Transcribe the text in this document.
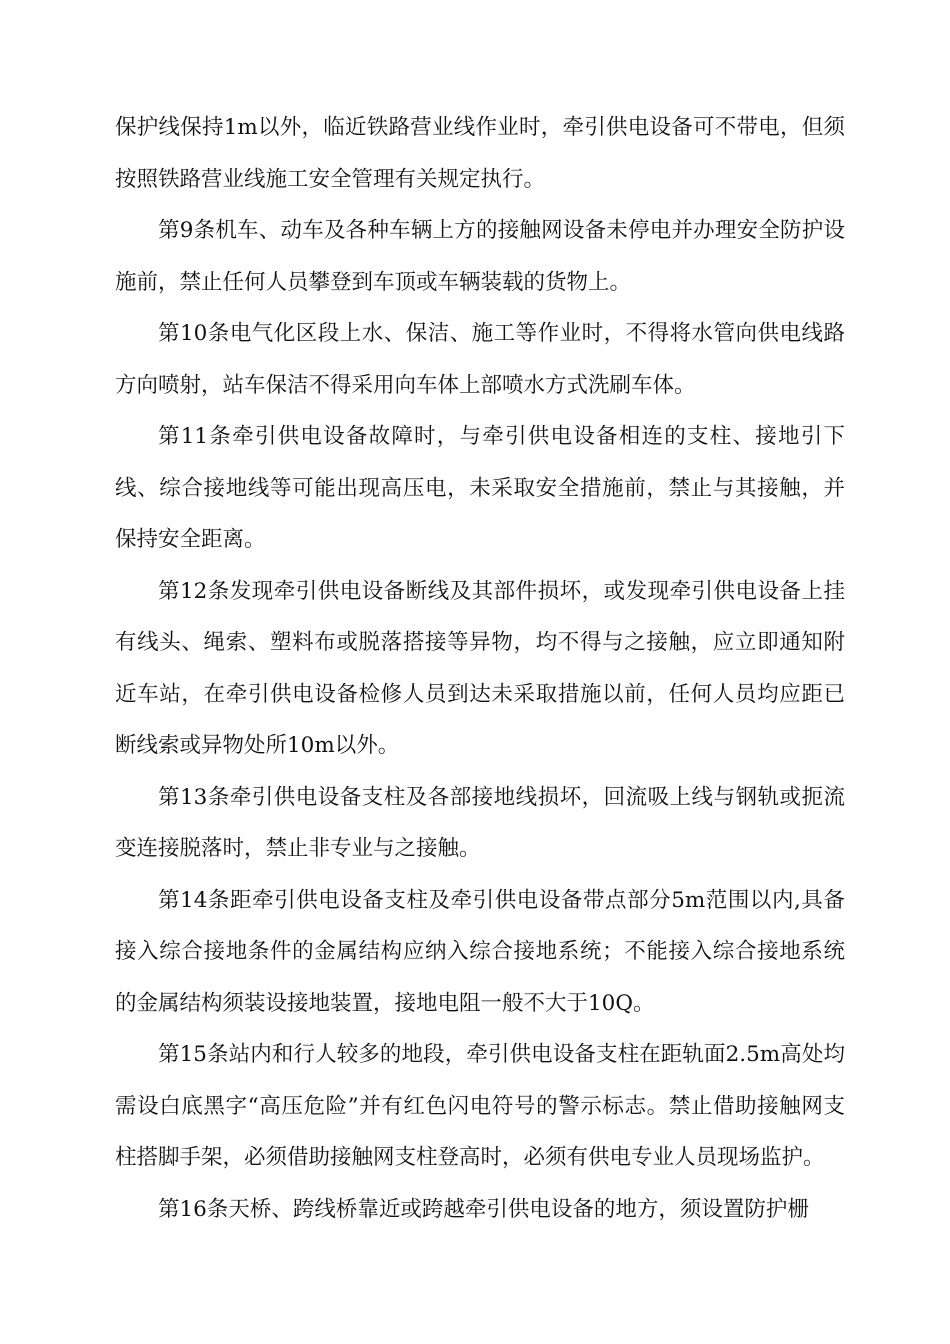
保护线保持1m以外，临近铁路营业线作业时，牵引供电设备可不带电，但须按照铁路营业线施工安全管理有关规定执行。

第9条机车、动车及各种车辆上方的接触网设备未停电并办理安全防护设施前，禁止任何人员攀登到车顶或车辆装载的货物上。

第10条电气化区段上水、保洁、施工等作业时，不得将水管向供电线路方向喷射，站车保洁不得采用向车体上部喷水方式洗刷车体。

第11条牵引供电设备故障时，与牵引供电设备相连的支柱、接地引下线、综合接地线等可能出现高压电，未采取安全措施前，禁止与其接触，并保持安全距离。

第12条发现牵引供电设备断线及其部件损坏，或发现牵引供电设备上挂有线头、绳索、塑料布或脱落搭接等异物，均不得与之接触，应立即通知附近车站，在牵引供电设备检修人员到达未采取措施以前，任何人员均应距已断线索或异物处所10m以外。

第13条牵引供电设备支柱及各部接地线损坏，回流吸上线与钢轨或扼流变连接脱落时，禁止非专业与之接触。

第14条距牵引供电设备支柱及牵引供电设备带点部分5m范围以内,具备接入综合接地条件的金属结构应纳入综合接地系统；不能接入综合接地系统的金属结构须装设接地装置，接地电阻一般不大于10Q。

第15条站内和行人较多的地段，牵引供电设备支柱在距轨面2.5m高处均需设白底黑字“高压危险”并有红色闪电符号的警示标志。禁止借助接触网支柱搭脚手架，必须借助接触网支柱登高时，必须有供电专业人员现场监护。

第16条天桥、跨线桥靠近或跨越牵引供电设备的地方，须设置防护栅
